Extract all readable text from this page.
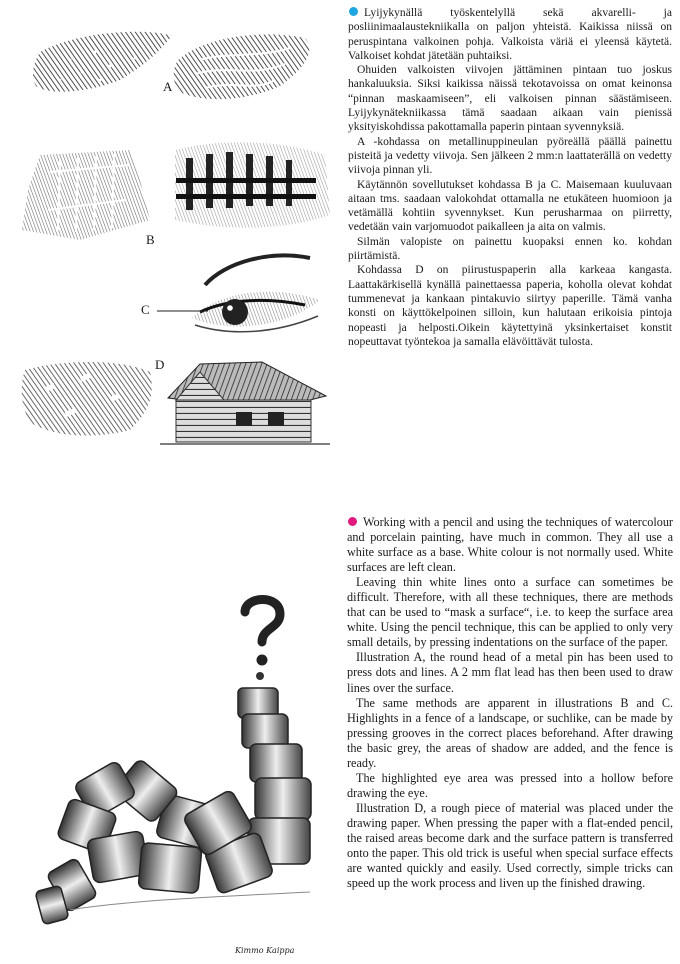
A
B
C
D

Lyijykynällä työskentelyllä sekä akvarelli- ja posliinimaalaustekniikalla on paljon yhteistä. Kaikissa niissä on peruspintana valkoinen pohja. Valkoista väriä ei yleensä käytetä. Valkoiset kohdat jätetään puhtaiksi.

Ohuiden valkoisten viivojen jättäminen pintaan tuo joskus hankaluuksia. Siksi kaikissa näissä tekotavoissa on omat keinonsa “pinnan maskaamiseen”, eli valkoisen pinnan säästämiseen. Lyijykynätekniikassa tämä saadaan aikaan vain pienissä yksityiskohdissa pakottamalla paperin pintaan syvennyksiä.

A -kohdassa on metallinuppineulan pyöreällä päällä painettu pisteitä ja vedetty viivoja. Sen jälkeen 2 mm:n laattaterällä on vedetty viivoja pinnan yli.

Käytännön sovellutukset kohdassa B ja C. Maisemaan kuuluvaan aitaan tms. saadaan valokohdat ottamalla ne etukäteen huomioon ja vetämällä kohtiin syvennykset. Kun perusharmaa on piirretty, vedetään vain varjomuodot paikalleen ja aita on valmis.

Silmän valopiste on painettu kuopaksi ennen ko. kohdan piirtämistä.

Kohdassa D on piirustuspaperin alla karkeaa kangasta. Laattakärkisellä kynällä painettaessa paperia, koholla olevat kohdat tummenevat ja kankaan pintakuvio siirtyy paperille. Tämä vanha konsti on käyttökelpoinen silloin, kun halutaan erikoisia pintoja nopeasti ja helposti.Oikein käytettyinä yksinkertaiset konstit nopeuttavat työntekoa ja samalla elävöittävät tulosta.

Kimmo Kaippa

Working with a pencil and using the techniques of watercolour and porcelain painting, have much in common. They all use a white surface as a base. White colour is not normally used. White surfaces are left clean.

Leaving thin white lines onto a surface can sometimes be difficult. Therefore, with all these techniques, there are methods that can be used to “mask a surface“, i.e. to keep the surface area white. Using the pencil technique, this can be applied to only very small details, by pressing indentations on the surface of the paper.

Illustration A, the round head of a metal pin has been used to press dots and lines. A 2 mm flat lead has then been used to draw lines over the surface.

The same methods are apparent in illustrations B and C. Highlights in a fence of a landscape, or suchlike, can be made by pressing grooves in the correct places beforehand. After drawing the basic grey, the areas of shadow are added, and the fence is ready.

The highlighted eye area was pressed into a hollow before drawing the eye.

Illustration D, a rough piece of material was placed under the drawing paper. When pressing the paper with a flat-ended pencil, the raised areas become dark and the surface pattern is transferred onto the paper. This old trick is useful when special surface effects are wanted quickly and easily. Used correctly, simple tricks can speed up the work process and liven up the finished drawing.
